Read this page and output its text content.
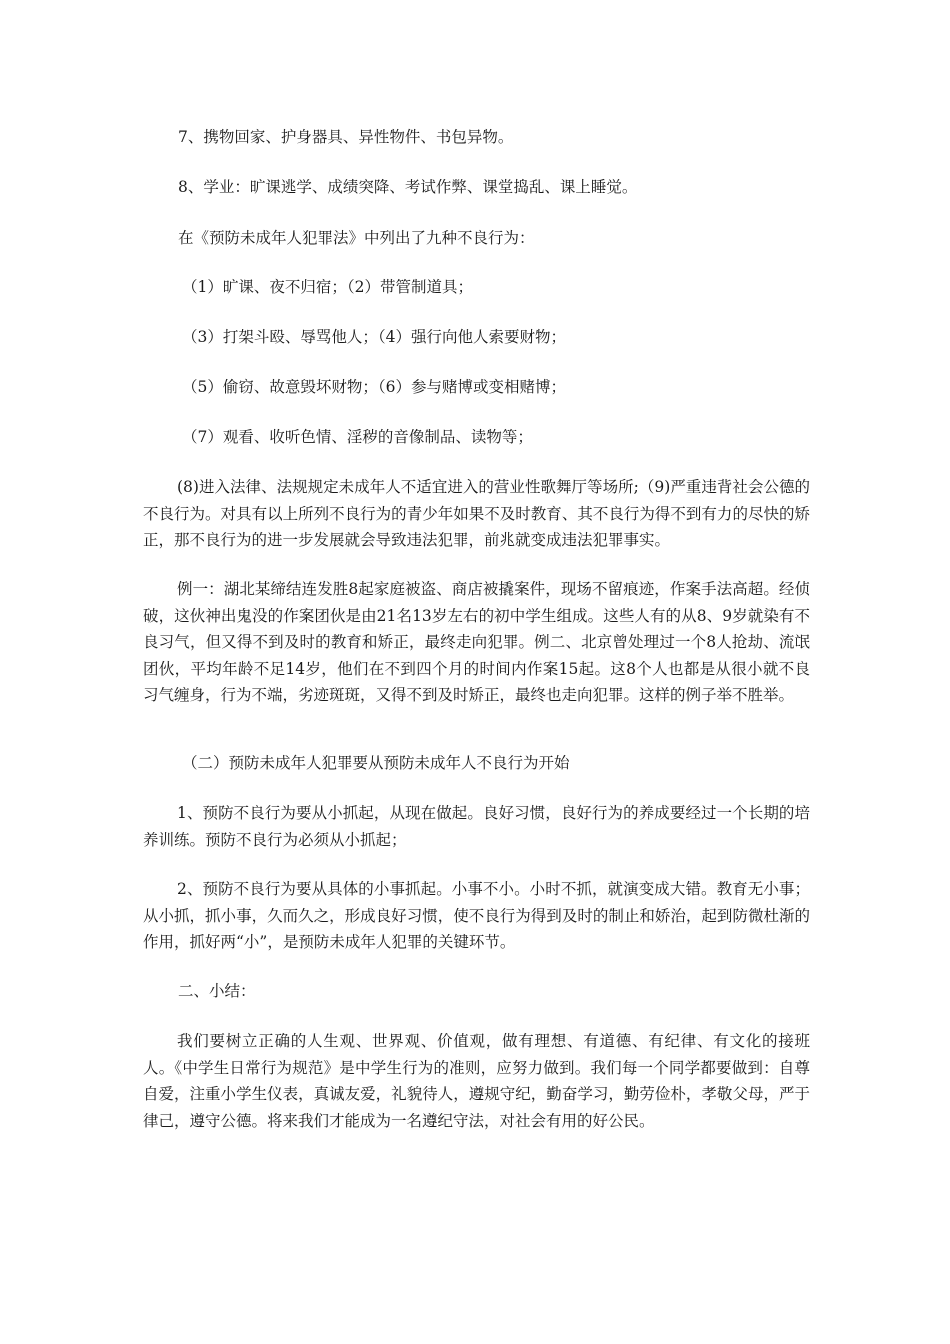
7、携物回家、护身器具、异性物件、书包异物。

8、学业：旷课逃学、成绩突降、考试作弊、课堂捣乱、课上睡觉。

在《预防未成年人犯罪法》中列出了九种不良行为：

（1）旷课、夜不归宿；（2）带管制道具；

（3）打架斗殴、辱骂他人；（4）强行向他人索要财物；

（5）偷窃、故意毁坏财物；（6）参与赌博或变相赌博；

（7）观看、收听色情、淫秽的音像制品、读物等；

(8)进入法律、法规规定未成年人不适宜进入的营业性歌舞厅等场所;（9)严重违背社会公德的不良行为。对具有以上所列不良行为的青少年如果不及时教育、其不良行为得不到有力的尽快的矫正，那不良行为的进一步发展就会导致违法犯罪，前兆就变成违法犯罪事实。

例一：湖北某缔结连发胜8起家庭被盗、商店被撬案件，现场不留痕迹，作案手法高超。经侦破，这伙神出鬼没的作案团伙是由21名13岁左右的初中学生组成。这些人有的从8、9岁就染有不良习气，但又得不到及时的教育和矫正，最终走向犯罪。例二、北京曾处理过一个8人抢劫、流氓团伙，平均年龄不足14岁，他们在不到四个月的时间内作案15起。这8个人也都是从很小就不良习气缠身，行为不端，劣迹斑斑，又得不到及时矫正，最终也走向犯罪。这样的例子举不胜举。

（二）预防未成年人犯罪要从预防未成年人不良行为开始

1、预防不良行为要从小抓起，从现在做起。良好习惯，良好行为的养成要经过一个长期的培养训练。预防不良行为必须从小抓起；

2、预防不良行为要从具体的小事抓起。小事不小。小时不抓，就演变成大错。教育无小事；从小抓，抓小事，久而久之，形成良好习惯，使不良行为得到及时的制止和娇治，起到防微杜渐的作用，抓好两“小”，是预防未成年人犯罪的关键环节。

二、小结：

我们要树立正确的人生观、世界观、价值观，做有理想、有道德、有纪律、有文化的接班人。《中学生日常行为规范》是中学生行为的准则，应努力做到。我们每一个同学都要做到：自尊自爱，注重小学生仪表，真诚友爱，礼貌待人，遵规守纪，勤奋学习，勤劳俭朴，孝敬父母，严于律己，遵守公德。将来我们才能成为一名遵纪守法，对社会有用的好公民。
